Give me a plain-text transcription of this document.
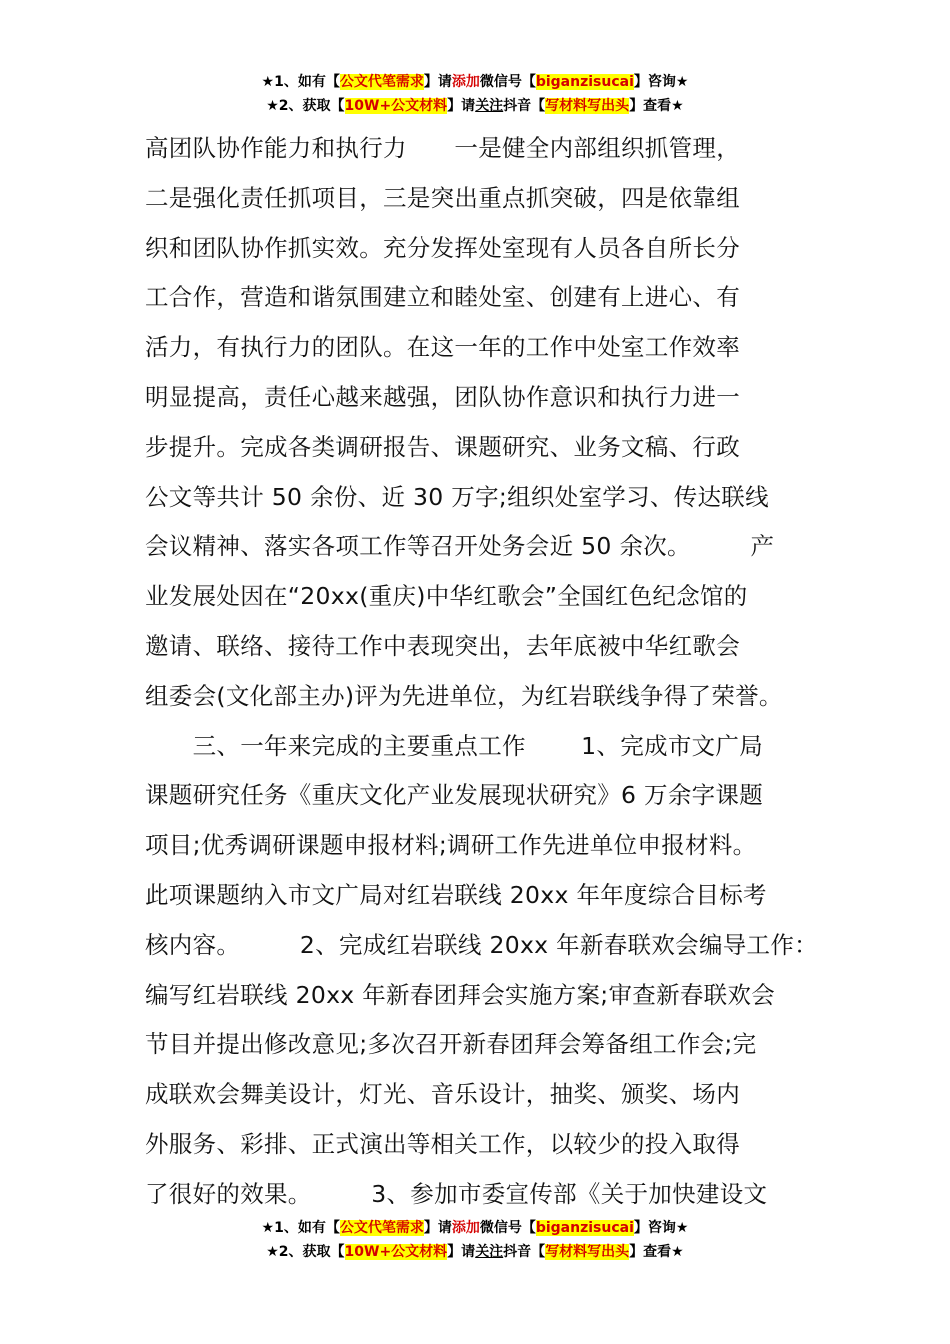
★1、如有【公文代笔需求】请添加微信号【biganzisucai】咨询★
★2、获取【10W+公文材料】请关注抖音【写材料写出头】查看★
高团队协作能力和执行力　　一是健全内部组织抓管理，
二是强化责任抓项目，三是突出重点抓突破，四是依靠组
织和团队协作抓实效。充分发挥处室现有人员各自所长分
工合作，营造和谐氛围建立和睦处室、创建有上进心、有
活力，有执行力的团队。在这一年的工作中处室工作效率
明显提高，责任心越来越强，团队协作意识和执行力进一
步提升。完成各类调研报告、课题研究、业务文稿、行政
公文等共计 50 余份、近 30 万字;组织处室学习、传达联线
会议精神、落实各项工作等召开处务会近 50 余次。　　　产
业发展处因在“20xx(重庆)中华红歌会”全国红色纪念馆的
邀请、联络、接待工作中表现突出，去年底被中华红歌会
组委会(文化部主办)评为先进单位，为红岩联线争得了荣誉。
　　三、一年来完成的主要重点工作　　 1、完成市文广局
课题研究任务《重庆文化产业发展现状研究》6 万余字课题
项目;优秀调研课题申报材料;调研工作先进单位申报材料。
此项课题纳入市文广局对红岩联线 20xx 年年度综合目标考
核内容。　　　2、完成红岩联线 20xx 年新春联欢会编导工作：
编写红岩联线 20xx 年新春团拜会实施方案;审查新春联欢会
节目并提出修改意见;多次召开新春团拜会筹备组工作会;完
成联欢会舞美设计，灯光、音乐设计，抽奖、颁奖、场内
外服务、彩排、正式演出等相关工作，以较少的投入取得
了很好的效果。　　　3、参加市委宣传部《关于加快建设文
★1、如有【公文代笔需求】请添加微信号【biganzisucai】咨询★
★2、获取【10W+公文材料】请关注抖音【写材料写出头】查看★
